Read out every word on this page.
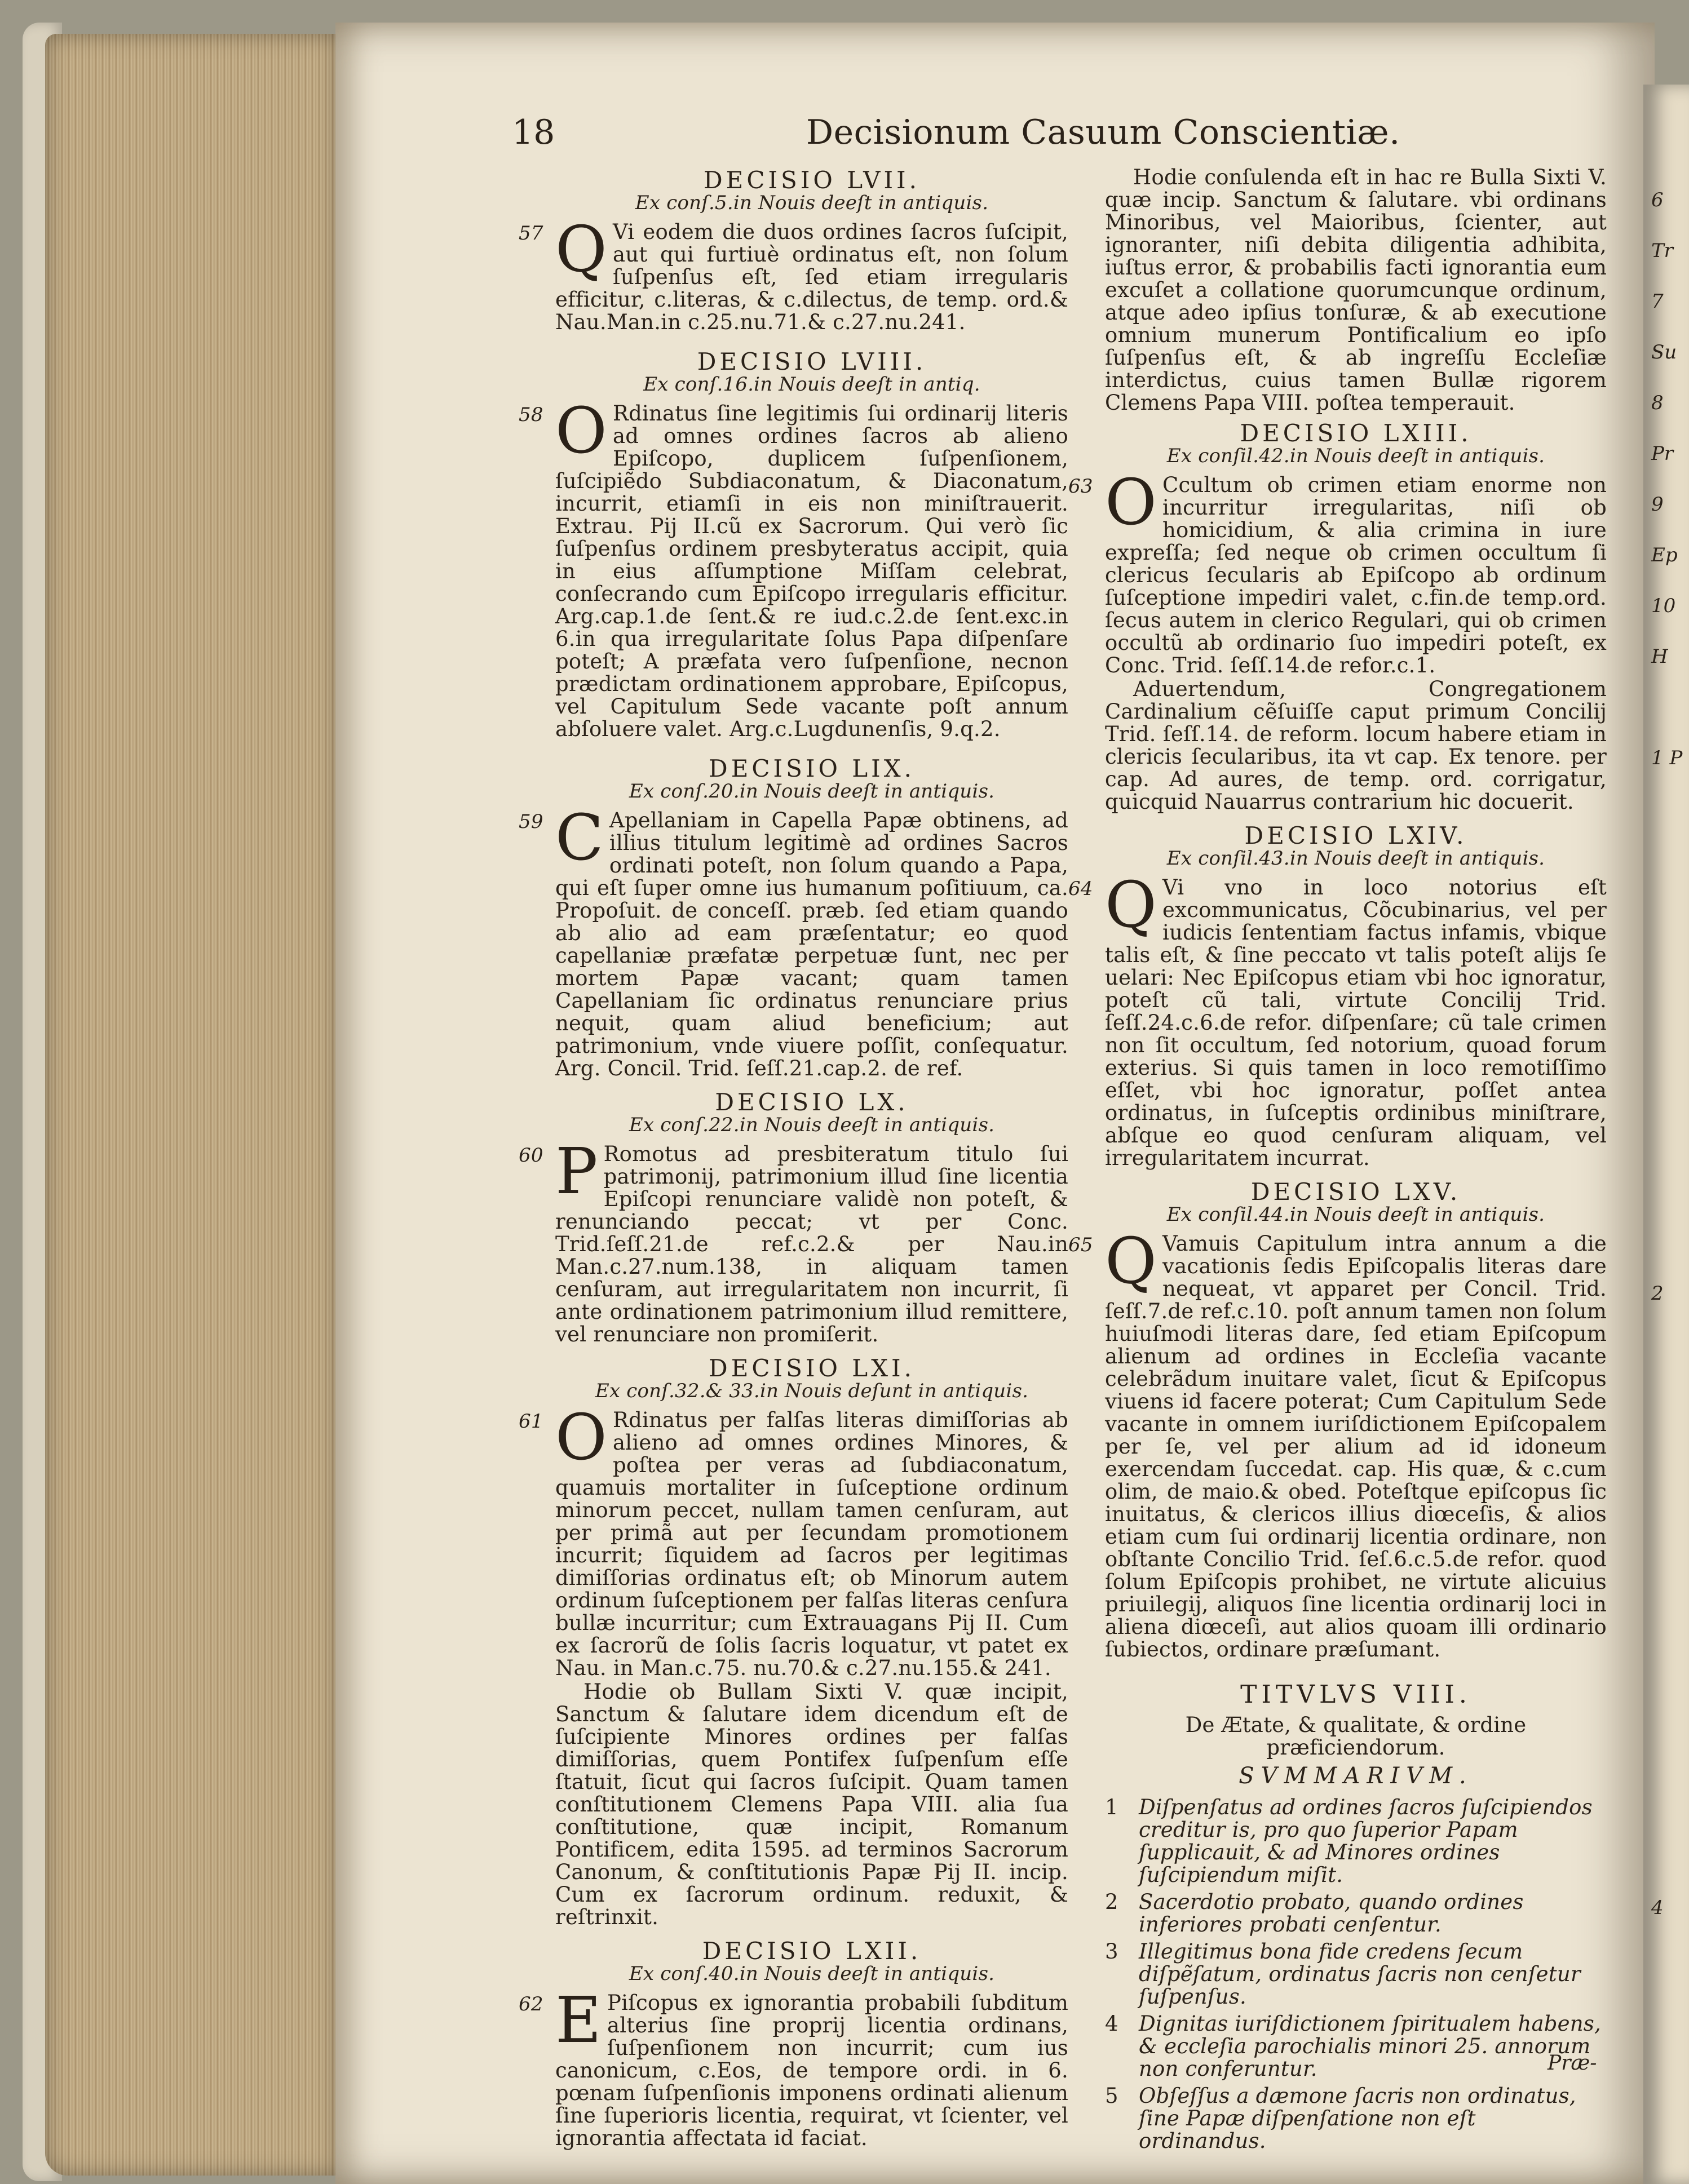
6 Tr
7 Su
8 Pr
9 Ep
10 H
1 P
2
4
18	Decisionum Casuum Conscientiæ.
DECISIO LVII.
Ex conſ.5.in Nouis deeſt in antiquis.

57 Q Vi eodem die duos ordines ſacros ſuſcipit, aut qui furtiuè ordinatus eſt, non ſolum ſuſpenſus eſt, ſed etiam irregularis efficitur, c.literas, & c.dilectus, de temp. ord.& Nau.Man.in c.25.nu.71.& c.27.nu.241.

DECISIO LVIII.
Ex conſ.16.in Nouis deeſt in antiq.

58 O Rdinatus ſine legitimis ſui ordinarij literis ad omnes ordines ſacros ab alieno Epiſcopo, duplicem ſuſpenſionem, ſuſcipiẽdo Subdiaconatum, & Diaconatum, incurrit, etiamſi in eis non miniſtrauerit. Extrau. Pij II.cũ ex Sacrorum. Qui verò ſic ſuſpenſus ordinem presbyteratus accipit, quia in eius aſſumptione Miſſam celebrat, conſecrando cum Epiſcopo irregularis efficitur. Arg.cap.1.de ſent.& re iud.c.2.de ſent.exc.in 6.in qua irregularitate ſolus Papa diſpenſare poteſt; A præfata vero ſuſpenſione, necnon prædictam ordinationem approbare, Epiſcopus, vel Capitulum Sede vacante poſt annum abſoluere valet. Arg.c.Lugdunenſis, 9.q.2.

DECISIO LIX.
Ex conſ.20.in Nouis deeſt in antiquis.

59 C Apellaniam in Capella Papæ obtinens, ad illius titulum legitimè ad ordines Sacros ordinati poteſt, non ſolum quando a Papa, qui eſt ſuper omne ius humanum poſitiuum, ca. Propoſuit. de conceſſ. præb. ſed etiam quando ab alio ad eam præſentatur; eo quod capellaniæ præfatæ perpetuæ ſunt, nec per mortem Papæ vacant; quam tamen Capellaniam ſic ordinatus renunciare prius nequit, quam aliud beneficium; aut patrimonium, vnde viuere poſſit, conſequatur. Arg. Concil. Trid. ſeſſ.21.cap.2. de ref.

DECISIO LX.
Ex conſ.22.in Nouis deeſt in antiquis.

60 P Romotus ad presbiteratum titulo ſui patrimonij, patrimonium illud ſine licentia Epiſcopi renunciare validè non poteſt, & renunciando peccat; vt per Conc. Trid.ſeſſ.21.de ref.c.2.& per Nau.in Man.c.27.num.138, in aliquam tamen cenſuram, aut irregularitatem non incurrit, ſi ante ordinationem patrimonium illud remittere, vel renunciare non promiſerit.

DECISIO LXI.
Ex conſ.32.& 33.in Nouis deſunt in antiquis.

61 O Rdinatus per falſas literas dimiſſorias ab alieno ad omnes ordines Minores, & poſtea per veras ad ſubdiaconatum, quamuis mortaliter in ſuſceptione ordinum minorum peccet, nullam tamen cenſuram, aut per primã aut per ſecundam promotionem incurrit; ſiquidem ad ſacros per legitimas dimiſſorias ordinatus eſt; ob Minorum autem ordinum ſuſceptionem per falſas literas cenſura bullæ incurritur; cum Extrauagans Pij II. Cum ex ſacrorũ de ſolis ſacris loquatur, vt patet ex Nau. in Man.c.75. nu.70.& c.27.nu.155.& 241.

Hodie ob Bullam Sixti V. quæ incipit, Sanctum & ſalutare idem dicendum eſt de ſuſcipiente Minores ordines per falſas dimiſſorias, quem Pontifex ſuſpenſum eſſe ſtatuit, ſicut qui ſacros ſuſcipit. Quam tamen conſtitutionem Clemens Papa VIII. alia ſua conſtitutione, quæ incipit, Romanum Pontificem, edita 1595. ad terminos Sacrorum Canonum, & conſtitutionis Papæ Pij II. incip. Cum ex ſacrorum ordinum. reduxit, & reſtrinxit.

DECISIO LXII.
Ex conſ.40.in Nouis deeſt in antiquis.

62 E Piſcopus ex ignorantia probabili ſubditum alterius ſine proprij licentia ordinans, ſuſpenſionem non incurrit; cum ius canonicum, c.Eos, de tempore ordi. in 6. pœnam ſuſpenſionis imponens ordinati alienum ſine ſuperioris licentia, requirat, vt ſcienter, vel ignorantia affectata id faciat.

Hodie conſulenda eſt in hac re Bulla Sixti V. quæ incip. Sanctum & ſalutare. vbi ordinans Minoribus, vel Maioribus, ſcienter, aut ignoranter, niſi debita diligentia adhibita, iuſtus error, & probabilis facti ignorantia eum excuſet a collatione quorumcunque ordinum, atque adeo ipſius tonſuræ, & ab executione omnium munerum Pontificalium eo ipſo ſuſpenſus eſt, & ab ingreſſu Eccleſiæ interdictus, cuius tamen Bullæ rigorem Clemens Papa VIII. poſtea temperauit.

DECISIO LXIII.
Ex conſil.42.in Nouis deeſt in antiquis.

63 O Ccultum ob crimen etiam enorme non incurritur irregularitas, niſi ob homicidium, & alia crimina in iure expreſſa; ſed neque ob crimen occultum ſi clericus ſecularis ab Epiſcopo ab ordinum ſuſceptione impediri valet, c.fin.de temp.ord. ſecus autem in clerico Regulari, qui ob crimen occultũ ab ordinario ſuo impediri poteſt, ex Conc. Trid. ſeſſ.14.de refor.c.1.

Aduertendum, Congregationem Cardinalium cẽſuiſſe caput primum Concilij Trid. ſeſſ.14. de reform. locum habere etiam in clericis ſecularibus, ita vt cap. Ex tenore. per cap. Ad aures, de temp. ord. corrigatur, quicquid Nauarrus contrarium hic docuerit.

DECISIO LXIV.
Ex conſil.43.in Nouis deeſt in antiquis.

64 Q Vi vno in loco notorius eſt excommunicatus, Cõcubinarius, vel per iudicis ſententiam factus infamis, vbique talis eſt, & ſine peccato vt talis poteſt alijs ſe uelari: Nec Epiſcopus etiam vbi hoc ignoratur, poteſt cũ tali, virtute Concilij Trid. ſeſſ.24.c.6.de refor. diſpenſare; cũ tale crimen non ſit occultum, ſed notorium, quoad forum exterius. Si quis tamen in loco remotiſſimo eſſet, vbi hoc ignoratur, poſſet antea ordinatus, in ſuſceptis ordinibus miniſtrare, abſque eo quod cenſuram aliquam, vel irregularitatem incurrat.

DECISIO LXV.
Ex conſil.44.in Nouis deeſt in antiquis.

65 Q Vamuis Capitulum intra annum a die vacationis ſedis Epiſcopalis literas dare nequeat, vt apparet per Concil. Trid. ſeſſ.7.de ref.c.10. poſt annum tamen non ſolum huiuſmodi literas dare, ſed etiam Epiſcopum alienum ad ordines in Eccleſia vacante celebrãdum inuitare valet, ſicut & Epiſcopus viuens id facere poterat; Cum Capitulum Sede vacante in omnem iuriſdictionem Epiſcopalem per ſe, vel per alium ad id idoneum exercendam ſuccedat. cap. His quæ, & c.cum olim, de maio.& obed. Poteſtque epiſcopus ſic inuitatus, & clericos illius diœceſis, & alios etiam cum ſui ordinarij licentia ordinare, non obſtante Concilio Trid. ſeſ.6.c.5.de refor. quod ſolum Epiſcopis prohibet, ne virtute alicuius priuilegij, aliquos ſine licentia ordinarij loci in aliena diœceſi, aut alios quoam illi ordinario ſubiectos, ordinare præſumant.

TITVLVS VIII.
De Ætate, & qualitate, & ordine præficiendorum.
SVMMARIVM.
1 Diſpenſatus ad ordines ſacros ſuſcipiendos creditur is, pro quo ſuperior Papam ſupplicauit, & ad Minores ordines ſuſcipiendum miſit.
2 Sacerdotio probato, quando ordines inferiores probati cenſentur.
3 Illegitimus bona fide credens ſecum diſpẽſatum, ordinatus ſacris non cenſetur ſuſpenſus.
4 Dignitas iuriſdictionem ſpiritualem habens, & eccleſia parochialis minori 25. annorum non conferuntur.
5 Obſeſſus a dæmone ſacris non ordinatus, ſine Papæ diſpenſatione non eſt ordinandus.
Præ-
